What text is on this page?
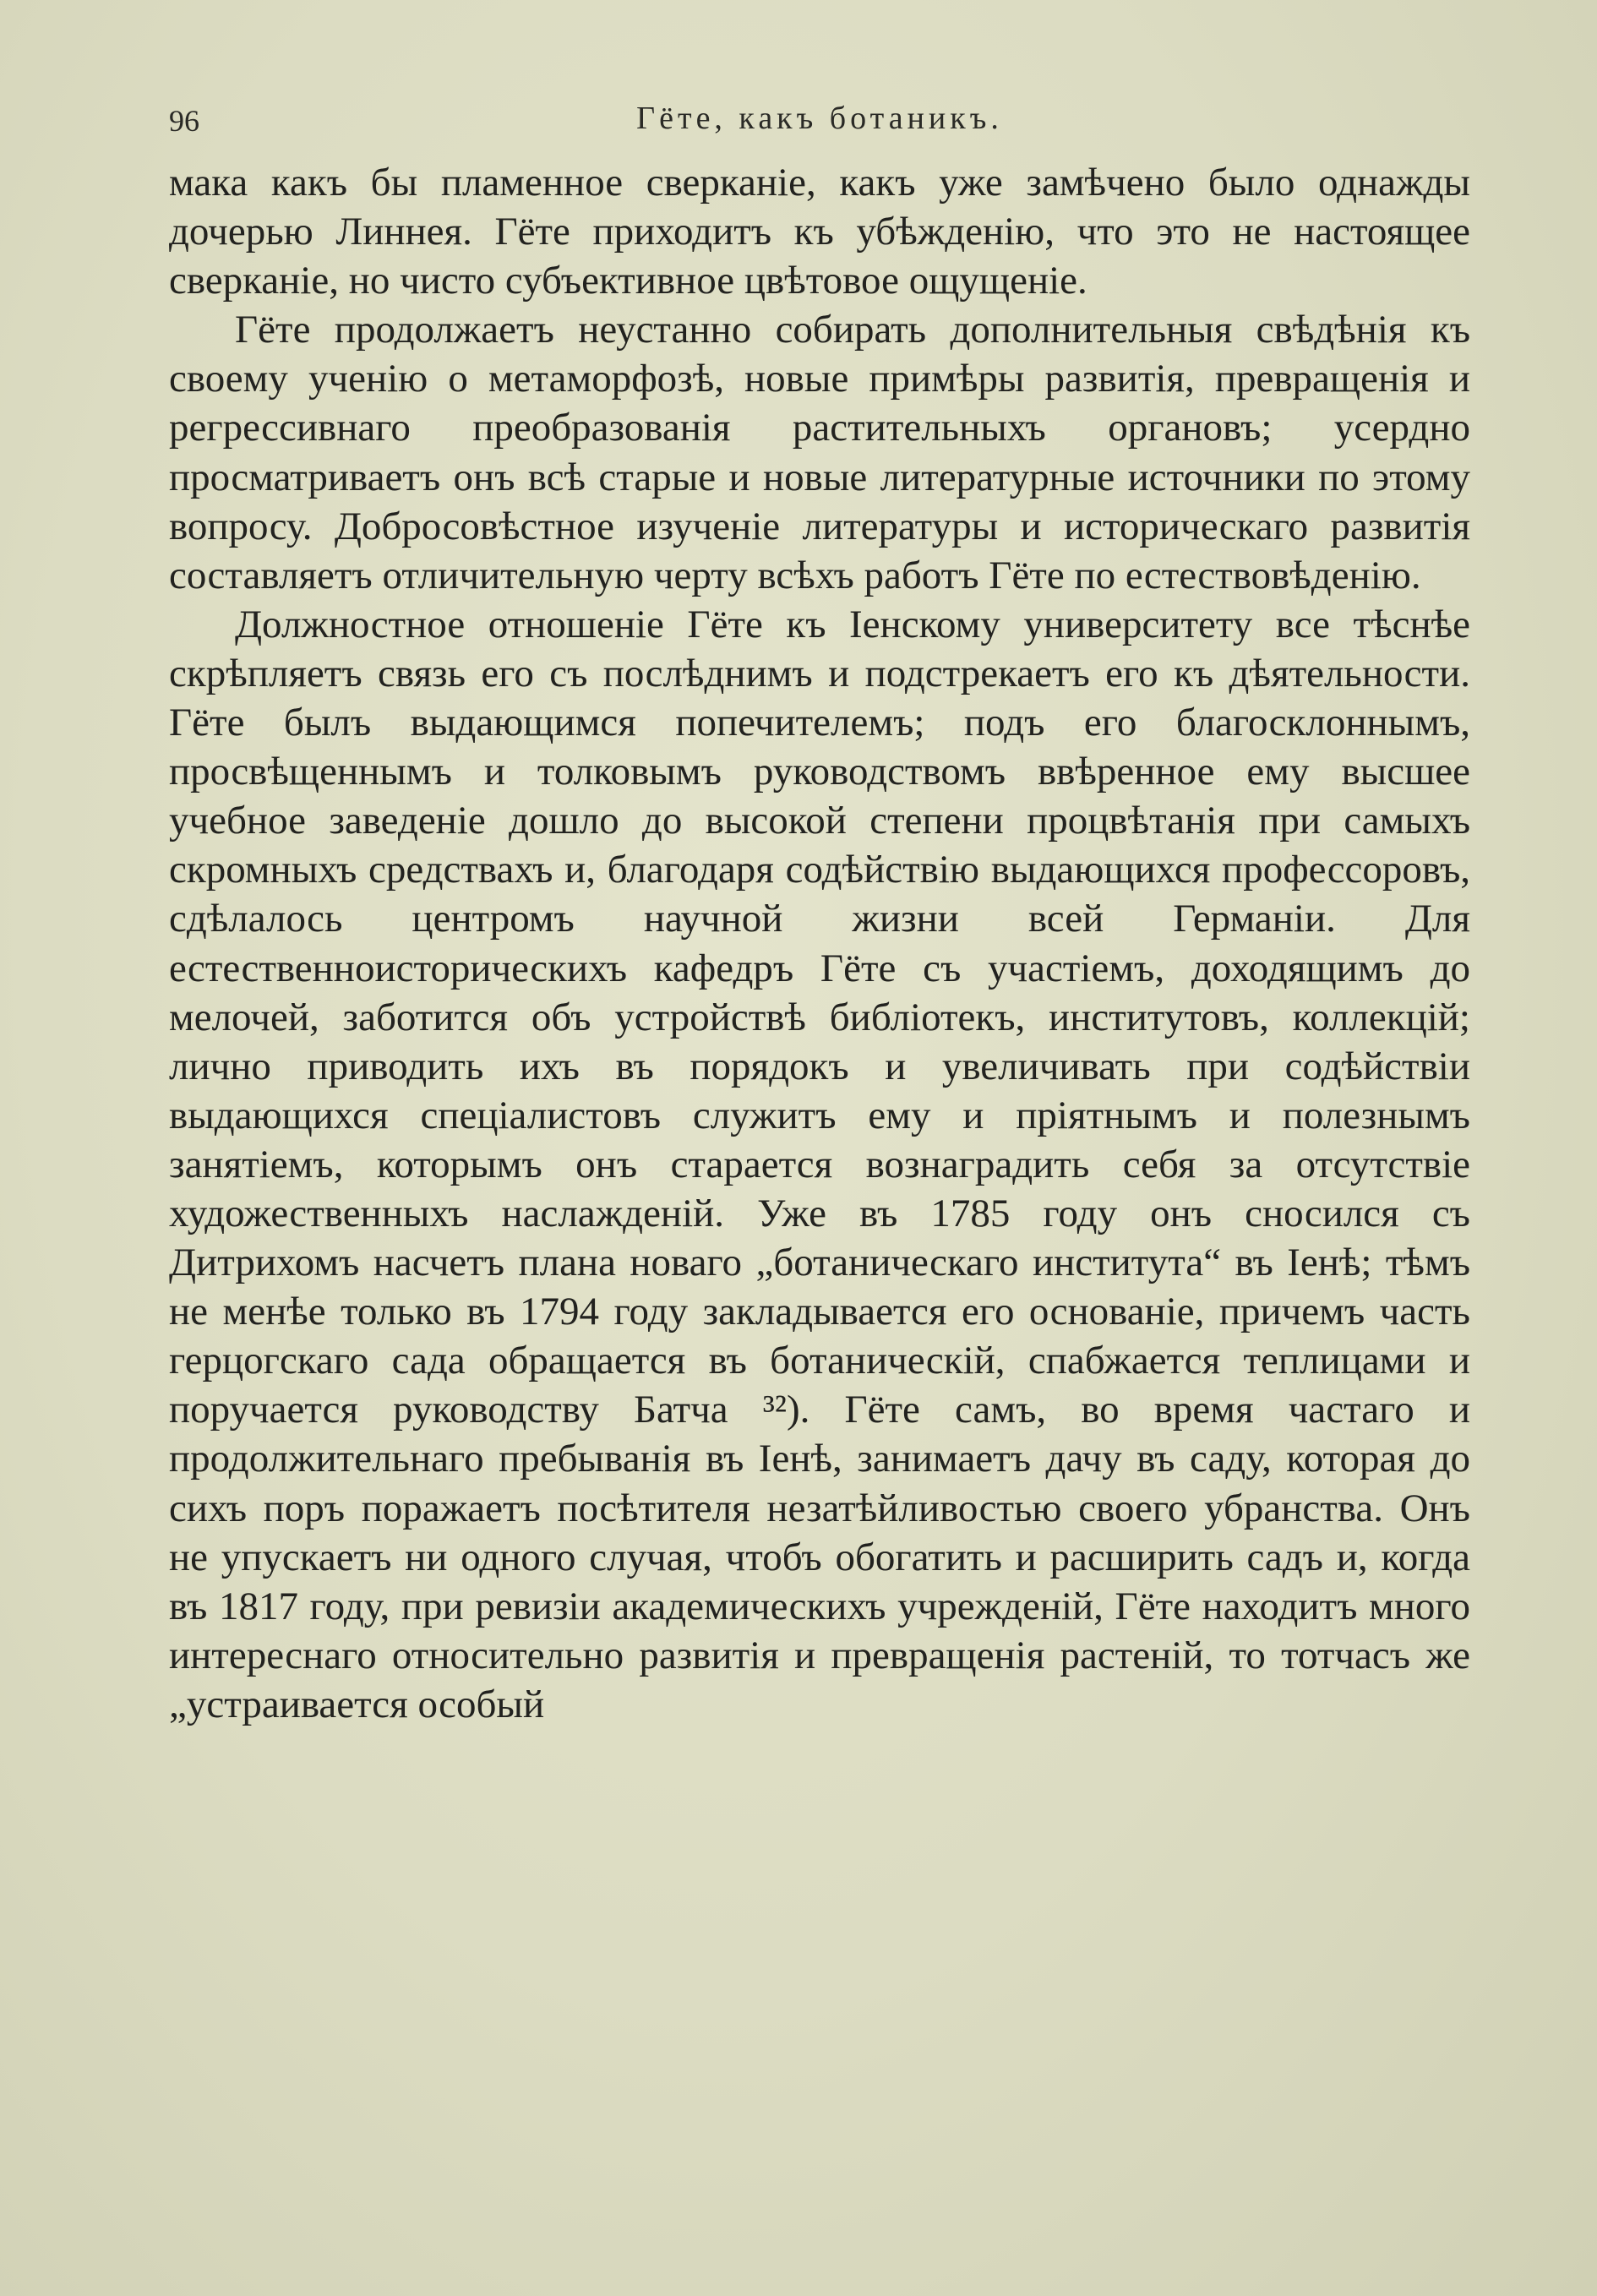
96	Гёте, какъ ботаникъ.

мака какъ бы пламенное сверканіе, какъ уже замѣчено было однажды дочерью Линнея. Гёте приходитъ къ убѣжденію, что это не настоящее сверканіе, но чисто субъективное цвѣтовое ощущеніе.

Гёте продолжаетъ неустанно собирать дополнительныя свѣдѣнія къ своему ученію о метаморфозѣ, новые примѣры развитія, превращенія и регрессивнаго преобразованія растительныхъ органовъ; усердно просматриваетъ онъ всѣ старые и новые литературные источники по этому вопросу. Добросовѣстное изученіе литературы и историческаго развитія составляетъ отличительную черту всѣхъ работъ Гёте по естествовѣденію.

Должностное отношеніе Гёте къ Іенскому университету все тѣснѣе скрѣпляетъ связь его съ послѣднимъ и подстрекаетъ его къ дѣятельности. Гёте былъ выдающимся попечителемъ; подъ его благосклоннымъ, просвѣщеннымъ и толковымъ руководствомъ ввѣренное ему высшее учебное заведеніе дошло до высокой степени процвѣтанія при самыхъ скромныхъ средствахъ и, благодаря содѣйствію выдающихся профессоровъ, сдѣлалось центромъ научной жизни всей Германіи. Для естественноисторическихъ кафедръ Гёте съ участіемъ, доходящимъ до мелочей, заботится объ устройствѣ библіотекъ, институтовъ, коллекцій; лично приводить ихъ въ порядокъ и увеличивать при содѣйствіи выдающихся спеціалистовъ служитъ ему и пріятнымъ и полезнымъ занятіемъ, которымъ онъ старается вознаградить себя за отсутствіе художественныхъ наслажденій. Уже въ 1785 году онъ сносился съ Дитрихомъ насчетъ плана новаго „ботаническаго института“ въ Іенѣ; тѣмъ не менѣе только въ 1794 году закладывается его основаніе, причемъ часть герцогскаго сада обращается въ ботаническій, спабжается теплицами и поручается руководству Батча ³²). Гёте самъ, во время частаго и продолжительнаго пребыванія въ Іенѣ, занимаетъ дачу въ саду, которая до сихъ поръ поражаетъ посѣтителя незатѣйливостью своего убранства. Онъ не упускаетъ ни одного случая, чтобъ обогатить и расширить садъ и, когда въ 1817 году, при ревизіи академическихъ учрежденій, Гёте находитъ много интереснаго относительно развитія и превращенія растеній, то тотчасъ же „устраивается особый
